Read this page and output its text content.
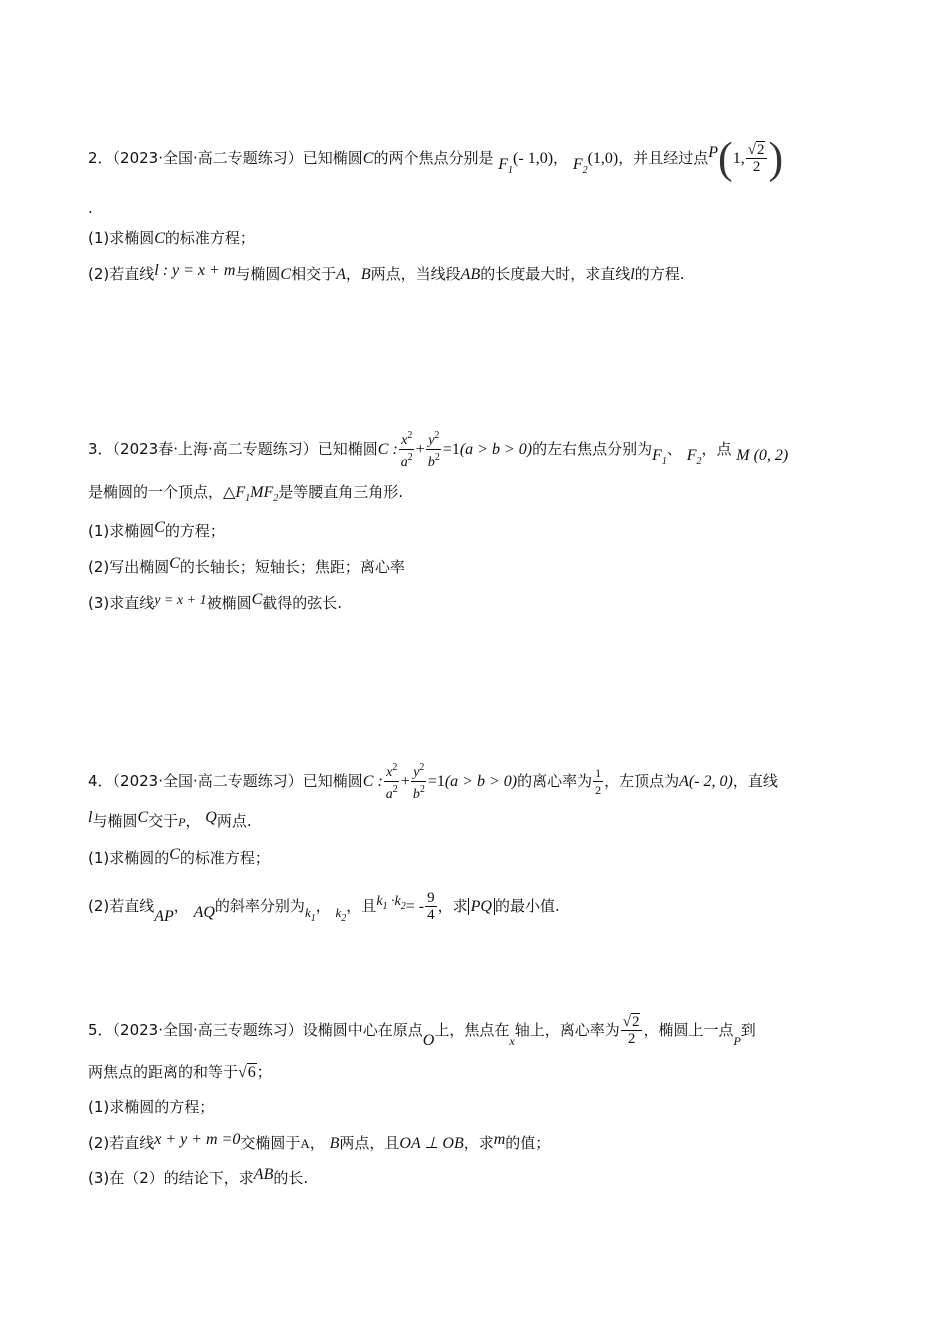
2．（2023·全国·高二专题练习）已知椭圆C的两个焦点分别是 $F_1(-$ 1,0)， $F_2(1,0)$，并且经过点P(1, $\frac{√2}{2}$ )
.
(1)求椭圆C的标准方程；
(2)若直线l : y = x + m与椭圆C相交于A，B两点，当线段AB的长度最大时，求直线l的方程.
3．（2023春·上海·高二专题练习）已知椭圆C : $\frac{x^2}{a^2} + \frac{y^2}{b^2} =1(a > b > 0)$的左右焦点分别为$F_1$、 $F_2$，点 M (0, 2)
是椭圆的一个顶点，$\triangle F_1MF_2$是等腰直角三角形.
(1)求椭圆C的方程；
(2)写出椭圆C的长轴长；短轴长；焦距；离心率
(3)求直线y = x + 1被椭圆C截得的弦长.
4．（2023·全国·高二专题练习）已知椭圆C : $\frac{x^2}{a^2} + \frac{y^2}{b^2} =1(a > b > 0)$的离心率为 $\frac{1}{2}$ ，左顶点为A(- 2, 0)，直线
l与椭圆C交于P， Q两点.
(1)求椭圆的C的标准方程；
(2)若直线AP， AQ的斜率分别为$k_1$， $k_2$，且$k_1 \cdot k_2= - \frac{9}{4}$ ，求 PQ 的最小值.
5．（2023·全国·高三专题练习）设椭圆中心在原点O上，焦点在$_x$轴上，离心率为 $\frac{√2}{2}$ ，椭圆上一点$_P$到
两焦点的距离的和等于√6；
(1)求椭圆的方程；
(2)若直线x + y + m =0交椭圆于A， B两点，且OA ⊥ OB，求m的值；
(3)在（2）的结论下，求AB的长.
